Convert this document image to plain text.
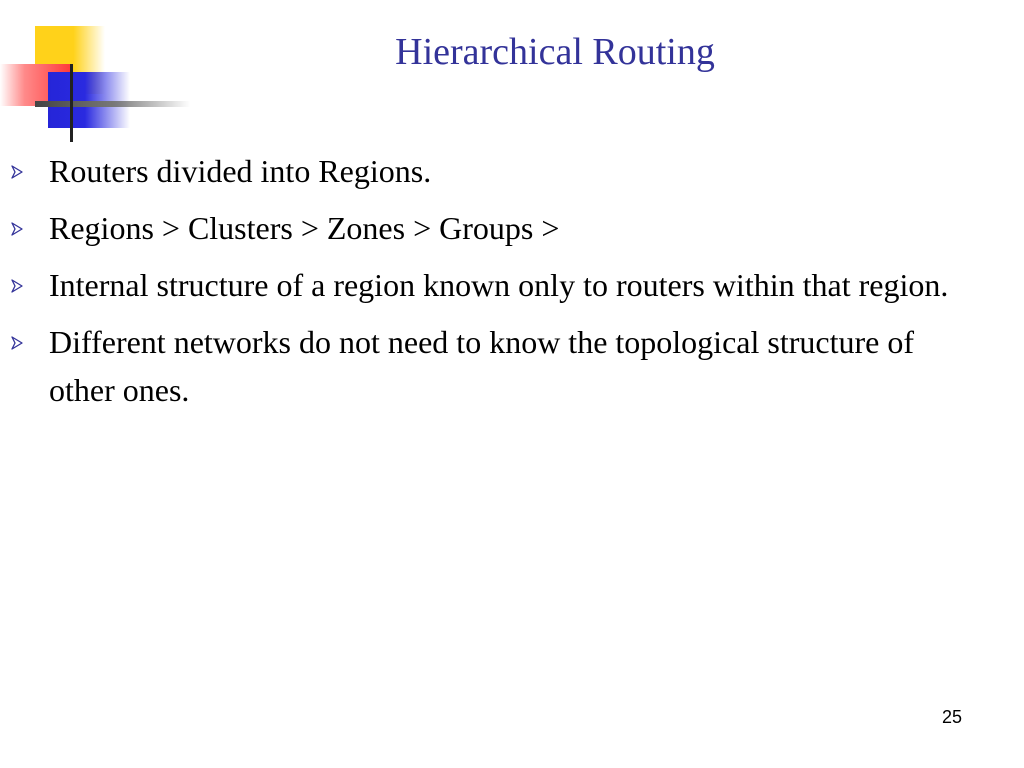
Hierarchical Routing
Routers divided into Regions.
Regions > Clusters > Zones > Groups >
Internal structure of a region known only to routers within that region.
Different networks do not need to know the topological structure of other ones.
25
